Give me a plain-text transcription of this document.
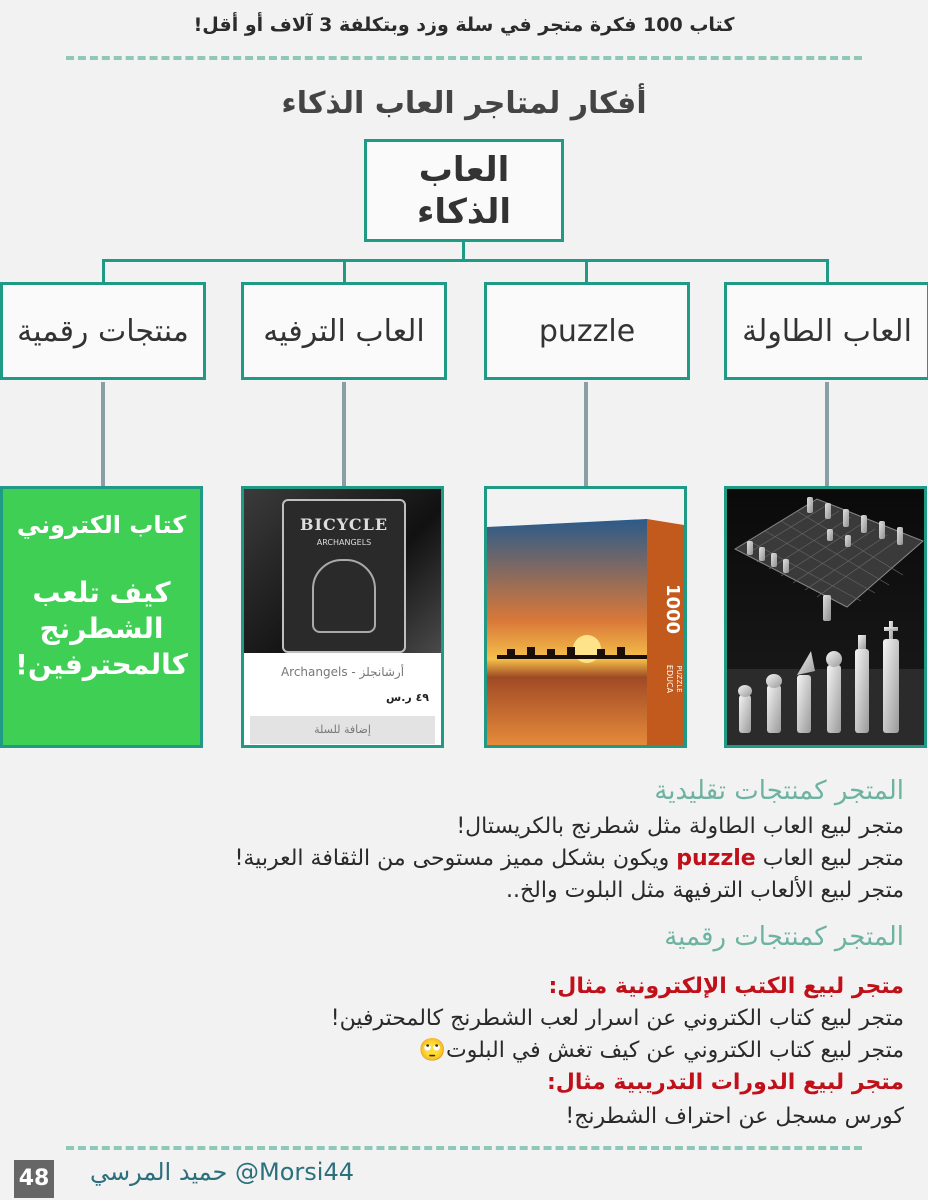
كتاب 100 فكرة متجر في سلة وزد وبتكلفة 3 آلاف أو أقل!
أفكار لمتاجر العاب الذكاء
العاب
الذكاء
العاب الطاولة
puzzle
العاب الترفيه
منتجات رقمية
1000
EDUCA PUZZLE
BICYCLE
ARCHANGELS
أرشانجلز - Archangels
٤٩ ر.س
إضافة للسلة
كتاب الكتروني
كيف تلعب
الشطرنج
كالمحترفين!
المتجر كمنتجات تقليدية
متجر لبيع العاب الطاولة مثل شطرنج بالكريستال!
متجر لبيع العاب puzzle ويكون بشكل مميز مستوحى من الثقافة العربية!
متجر لبيع الألعاب الترفيهة مثل البلوت والخ..
المتجر كمنتجات رقمية
متجر لبيع الكتب الإلكترونية مثال:
متجر لبيع كتاب الكتروني عن اسرار لعب الشطرنج كالمحترفين!
متجر لبيع كتاب الكتروني عن كيف تغش في البلوت🙄
متجر لبيع الدورات التدريبية مثال:
كورس مسجل عن احتراف الشطرنج!
حميد المرسي @Morsi44
48
